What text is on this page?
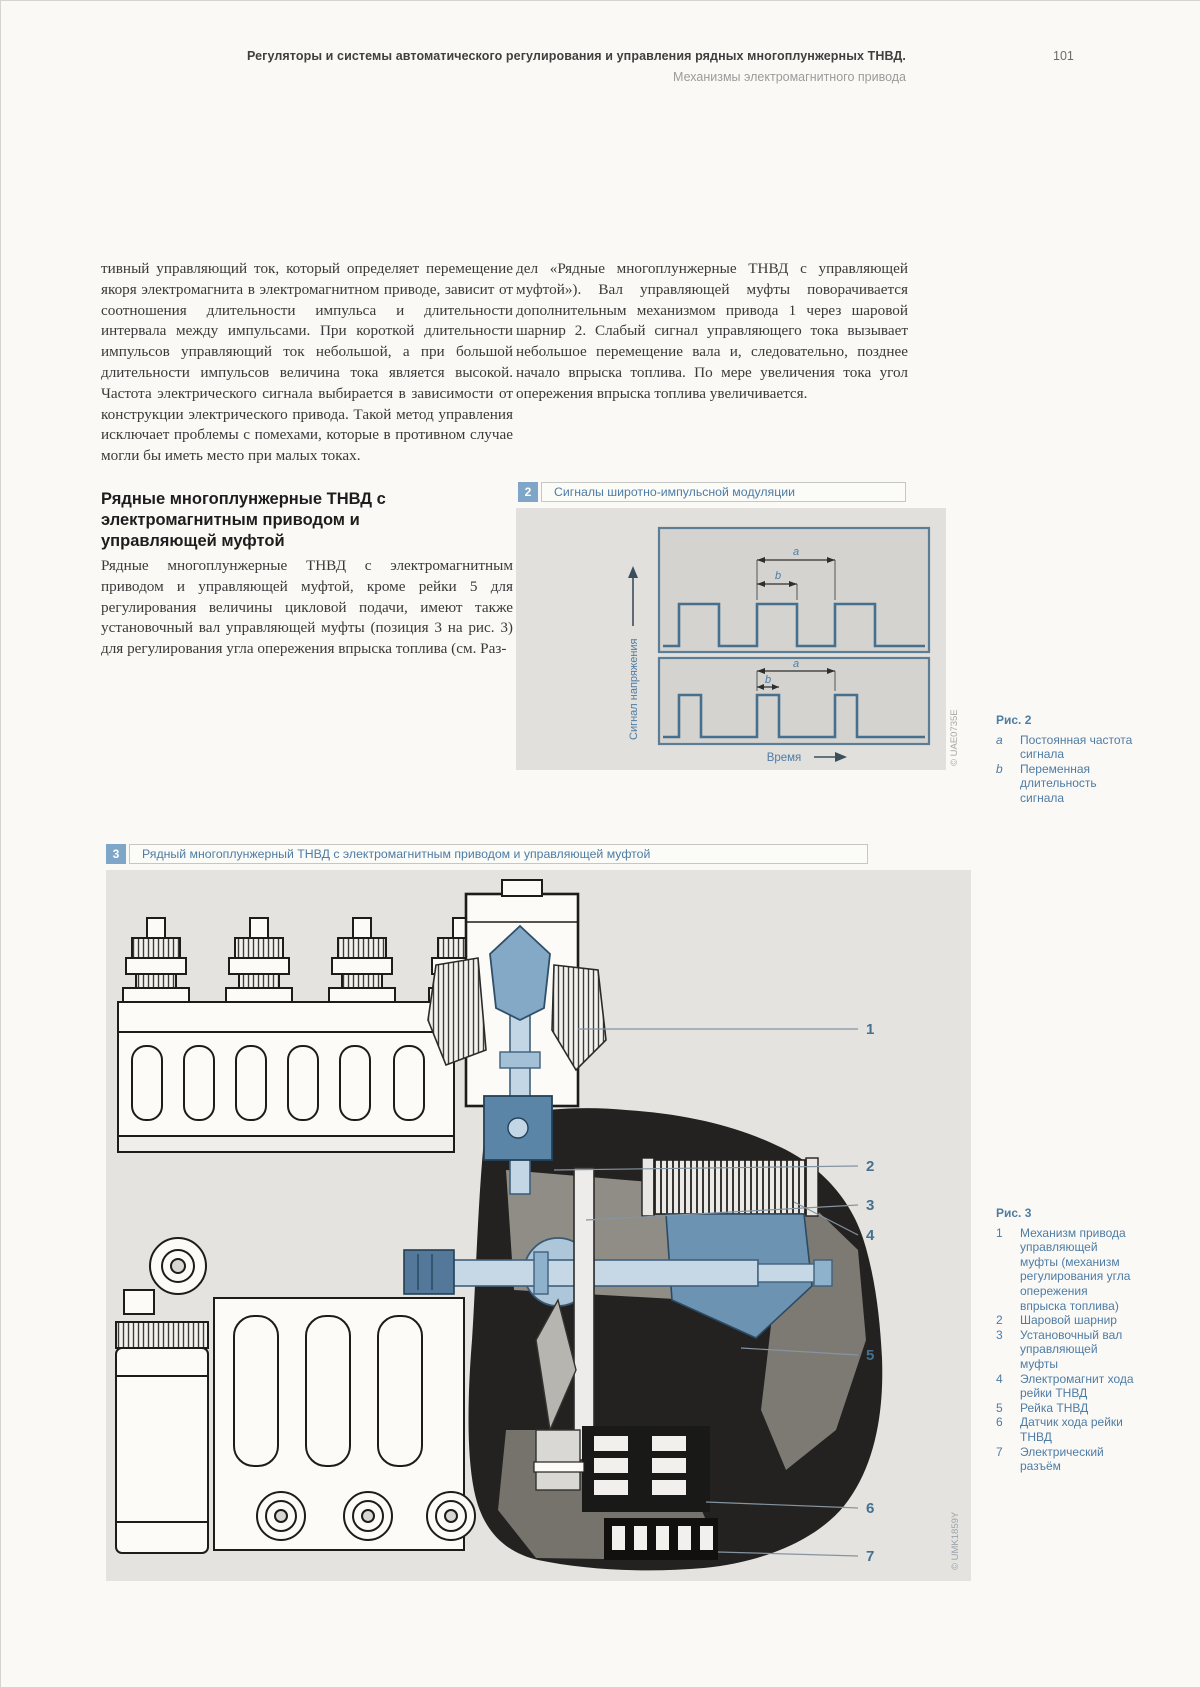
Регуляторы и системы автоматического регулирования и управления рядных многоплунжерных ТНВД.
Механизмы электромагнитного привода
101

тивный управляющий ток, который определяет перемещение якоря электромагнита в электромагнитном приводе, зависит от соотношения длительности импульса и длительности интервала между импульсами. При короткой длительности импульсов управляющий ток небольшой, а при большой длительности импульсов величина тока является высокой. Частота электрического сигнала выбирается в зависимости от конструкции электрического привода. Такой метод управления исключает проблемы с помехами, которые в противном случае могли бы иметь место при малых токах.

Рядные многоплунжерные ТНВД с электромагнитным приводом и управляющей муфтой

Рядные многоплунжерные ТНВД с электромагнитным приводом и управляющей муфтой, кроме рейки 5 для регулирования величины цикловой подачи, имеют также установочный вал управляющей муфты (позиция 3 на рис. 3) для регулирования угла опережения впрыска топлива (см. Раз-

дел «Рядные многоплунжерные ТНВД с управляющей муфтой»). Вал управляющей муфты поворачивается дополнительным механизмом привода 1 через шаровой шарнир 2. Слабый сигнал управляющего тока вызывает небольшое перемещение вала и, следовательно, позднее начало впрыска топлива. По мере увеличения тока угол опережения впрыска топлива увеличивается.

2	Сигналы широтно-импульсной модуляции
a
b
a
b
Сигнал напряжения
Время	© UAE0735E	Рис. 2
a	Постоянная частота сигнала
b	Переменная длительность сигнала
3	Рядный многоплунжерный ТНВД с электромагнитным приводом и управляющей муфтой
1
2
3
4
5
6
7	© UMK1859Y
Рис. 3
1	Механизм привода управляющей муфты (механизм регулирования угла опережения впрыска топлива)
2	Шаровой шарнир
3	Установочный вал управляющей муфты
4	Электромагнит хода рейки ТНВД
5	Рейка ТНВД
6	Датчик хода рейки ТНВД
7	Электрический разъём
